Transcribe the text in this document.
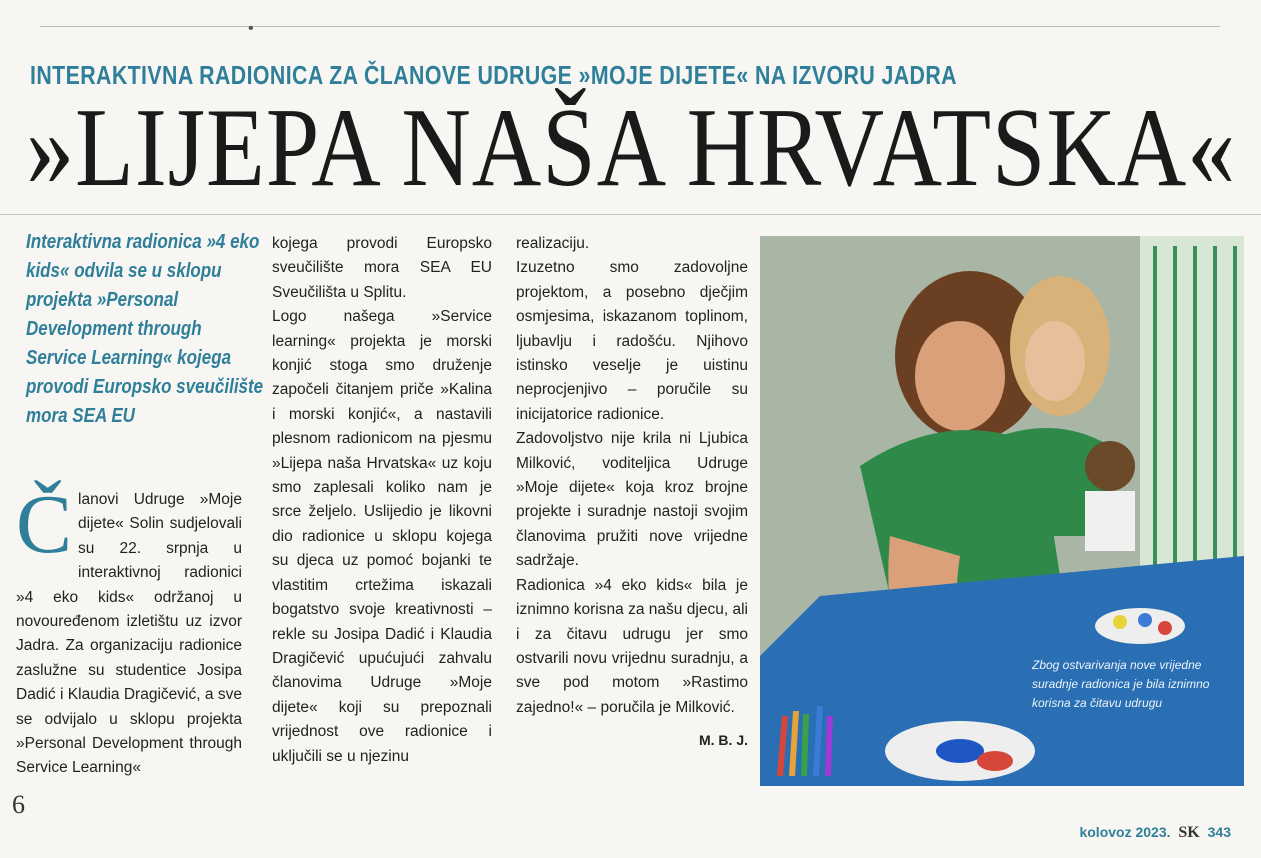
•
INTERAKTIVNA RADIONICA ZA ČLANOVE UDRUGE »MOJE DIJETE« NA IZVORU JADRA
»LIJEPA NAŠA HRVATSKA«
Interaktivna radionica »4 eko kids« odvila se u sklopu projekta »Personal Development through Service Learning« kojega provodi Europsko sveučilište mora SEA EU

Č lanovi Udruge »Moje dijete« Solin sudjelovali su 22. srpnja u interaktivnoj radionici »4 eko kids« održanoj u novouređenom izletištu uz izvor Jadra. Za organizaciju radionice zaslužne su studentice Josipa Dadić i Klaudia Dragičević, a sve se odvijalo u sklopu projekta »Personal Development through Service Learning«

kojega provodi Europsko sveučilište mora SEA EU Sveučilišta u Splitu.

Logo našega »Service learning« projekta je morski konjić stoga smo druženje započeli čitanjem priče »Kalina i morski konjić«, a nastavili plesnom radionicom na pjesmu »Lijepa naša Hrvatska« uz koju smo zaplesali koliko nam je srce željelo. Uslijedio je likovni dio radionice u sklopu kojega su djeca uz pomoć bojanki te vlastitim crtežima iskazali bogatstvo svoje kreativnosti – rekle su Josipa Dadić i Klaudia Dragičević upućujući zahvalu članovima Udruge »Moje dijete« koji su prepoznali vrijednost ove radionice i uključili se u njezinu

realizaciju.

Izuzetno smo zadovoljne projektom, a posebno dječjim osmjesima, iskazanom toplinom, ljubavlju i radošću. Njihovo istinsko veselje je uistinu neprocjenjivo – poručile su inicijatorice radionice.

Zadovoljstvo nije krila ni Ljubica Milković, voditeljica Udruge »Moje dijete« koja kroz brojne projekte i suradnje nastoji svojim članovima pružiti nove vrijedne sadržaje.

Radionica »4 eko kids« bila je iznimno korisna za našu djecu, ali i za čitavu udrugu jer smo ostvarili novu vrijednu suradnju, a sve pod motom »Rastimo zajedno!« – poručila je Milković.

M. B. J.

Zbog ostvarivanja nove vrijedne suradnje radionica je bila iznimno korisna za čitavu udrugu
6
kolovoz 2023. SK 343
